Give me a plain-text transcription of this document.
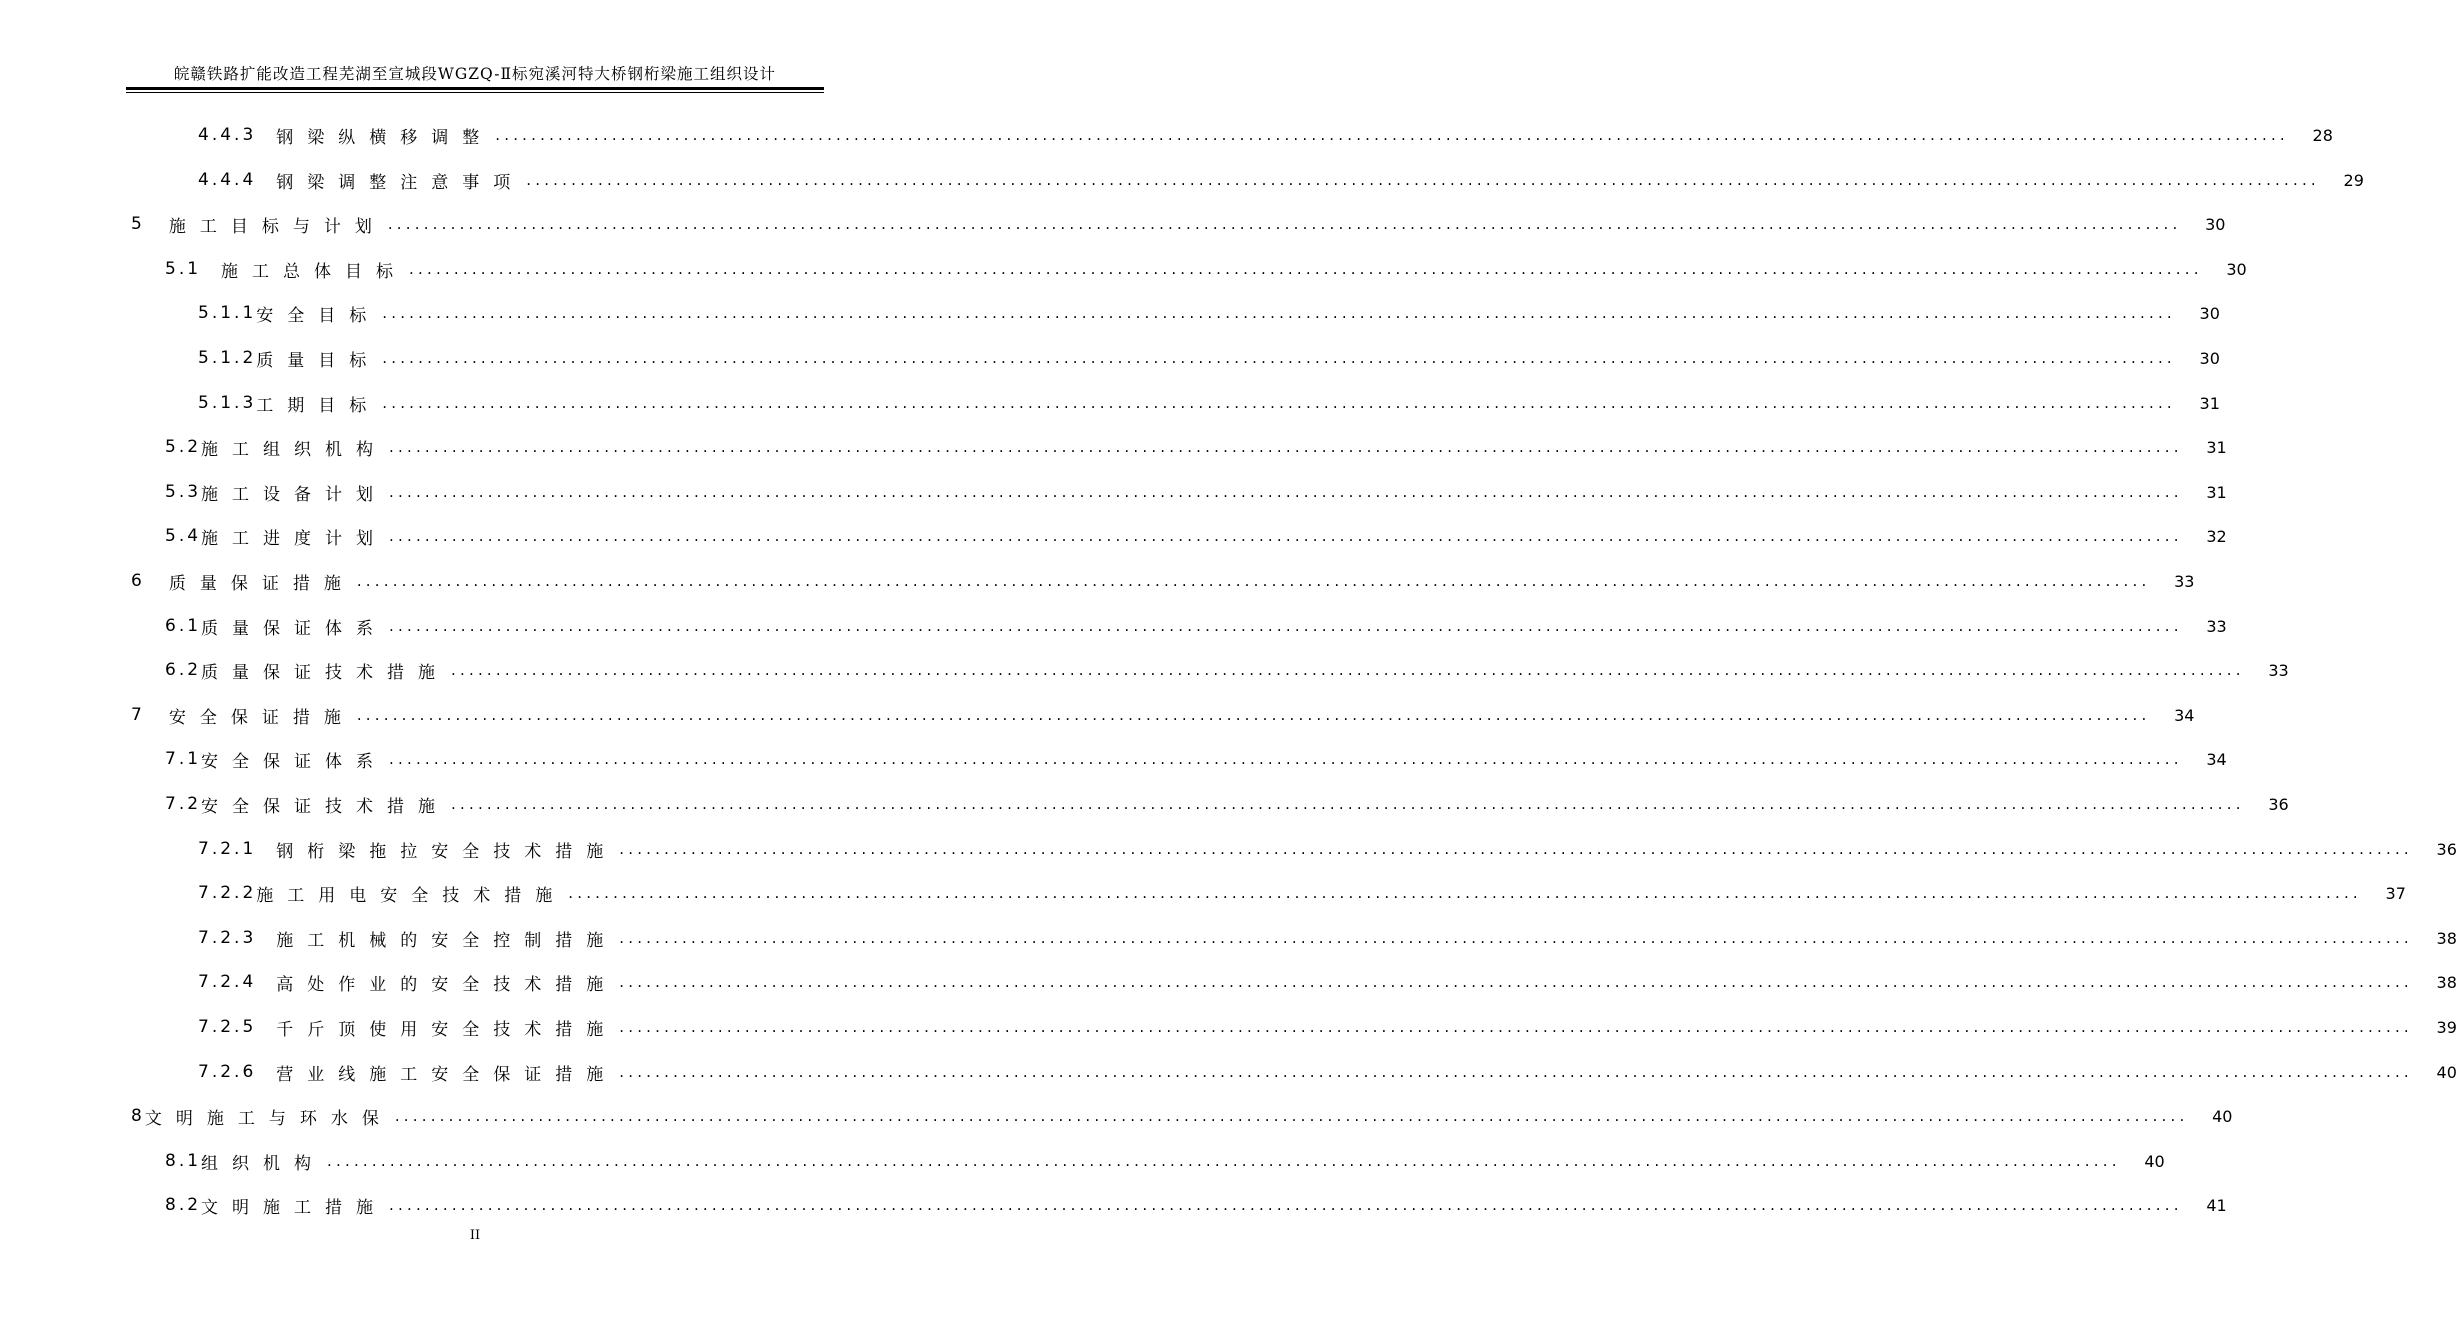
皖赣铁路扩能改造工程芜湖至宣城段WGZQ-Ⅱ标宛溪河特大桥钢桁梁施工组织设计
4.4.3 钢梁纵横移调整 ........................................................................................................................................................................................................	28
4.4.4 钢梁调整注意事项 ........................................................................................................................................................................................................	29
5 施工目标与计划 ........................................................................................................................................................................................................	30
5.1 施工总体目标 ........................................................................................................................................................................................................	30
5.1.1 安全目标 ........................................................................................................................................................................................................	30
5.1.2 质量目标 ........................................................................................................................................................................................................	30
5.1.3 工期目标 ........................................................................................................................................................................................................	31
5.2 施工组织机构 ........................................................................................................................................................................................................	31
5.3 施工设备计划 ........................................................................................................................................................................................................	31
5.4 施工进度计划 ........................................................................................................................................................................................................	32
6 质量保证措施 ........................................................................................................................................................................................................	33
6.1 质量保证体系 ........................................................................................................................................................................................................	33
6.2 质量保证技术措施 ........................................................................................................................................................................................................	33
7 安全保证措施 ........................................................................................................................................................................................................	34
7.1 安全保证体系 ........................................................................................................................................................................................................	34
7.2 安全保证技术措施 ........................................................................................................................................................................................................	36
7.2.1 钢桁梁拖拉安全技术措施 ........................................................................................................................................................................................................	36
7.2.2 施工用电安全技术措施 ........................................................................................................................................................................................................	37
7.2.3 施工机械的安全控制措施 ........................................................................................................................................................................................................	38
7.2.4 高处作业的安全技术措施 ........................................................................................................................................................................................................	38
7.2.5 千斤顶使用安全技术措施 ........................................................................................................................................................................................................	39
7.2.6 营业线施工安全保证措施 ........................................................................................................................................................................................................	40
8 文明施工与环水保 ........................................................................................................................................................................................................	40
8.1 组织机构 ........................................................................................................................................................................................................	40
8.2 文明施工措施 ........................................................................................................................................................................................................	41
II
